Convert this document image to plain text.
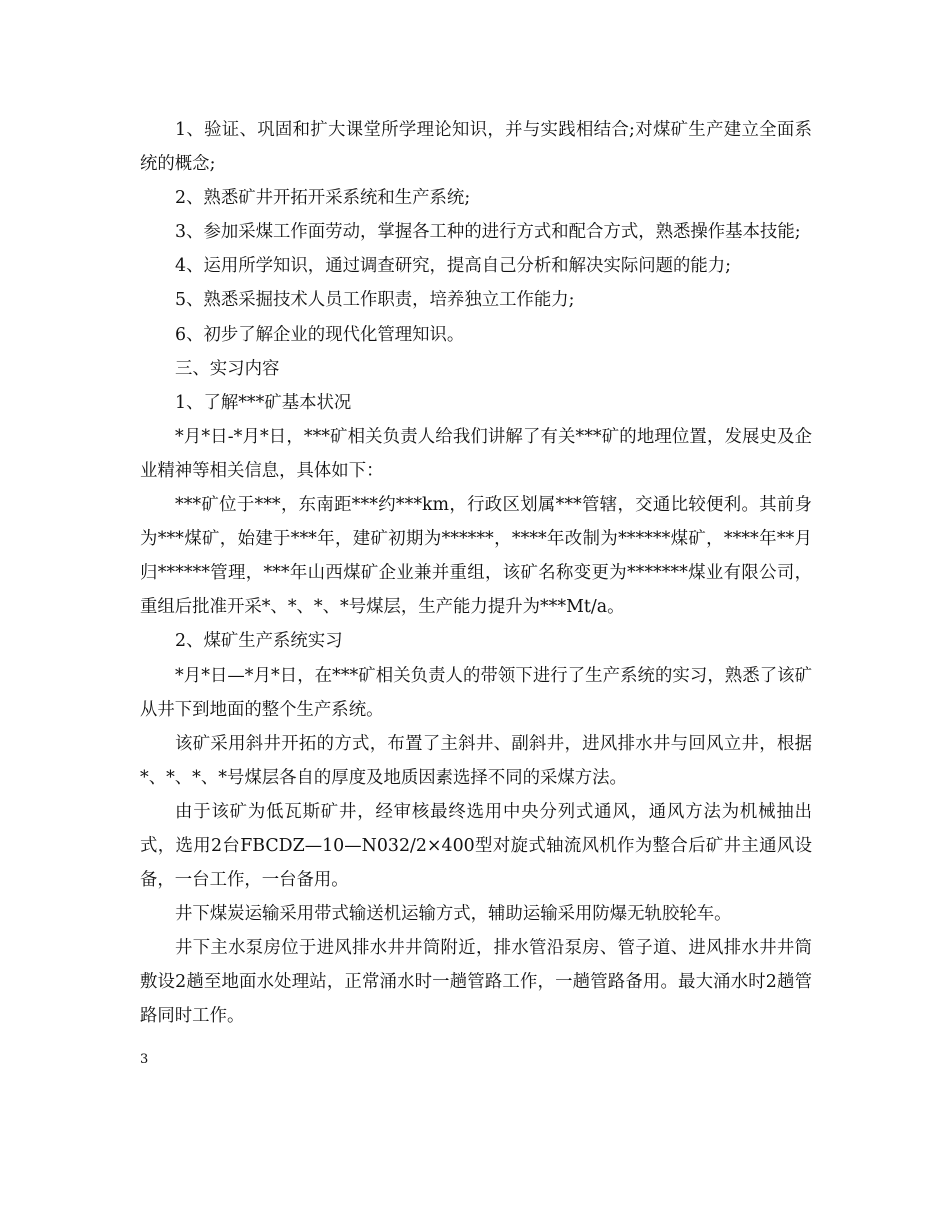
1、验证、巩固和扩大课堂所学理论知识，并与实践相结合;对煤矿生产建立全面系统的概念;

2、熟悉矿井开拓开采系统和生产系统;

3、参加采煤工作面劳动，掌握各工种的进行方式和配合方式，熟悉操作基本技能;

4、运用所学知识，通过调查研究，提高自己分析和解决实际问题的能力;

5、熟悉采掘技术人员工作职责，培养独立工作能力;

6、初步了解企业的现代化管理知识。

三、实习内容

1、了解***矿基本状况

*月*日-*月*日，***矿相关负责人给我们讲解了有关***矿的地理位置，发展史及企业精神等相关信息，具体如下：

***矿位于***，东南距***约***km，行政区划属***管辖，交通比较便利。其前身为***煤矿，始建于***年，建矿初期为******，****年改制为******煤矿，****年**月归******管理，***年山西煤矿企业兼并重组，该矿名称变更为*******煤业有限公司，重组后批准开采*、*、*、*号煤层，生产能力提升为***Mt/a。

2、煤矿生产系统实习

*月*日—*月*日，在***矿相关负责人的带领下进行了生产系统的实习，熟悉了该矿从井下到地面的整个生产系统。

该矿采用斜井开拓的方式，布置了主斜井、副斜井，进风排水井与回风立井，根据*、*、*、*号煤层各自的厚度及地质因素选择不同的采煤方法。

由于该矿为低瓦斯矿井，经审核最终选用中央分列式通风，通风方法为机械抽出式，选用2台FBCDZ—10—N032/2×400型对旋式轴流风机作为整合后矿井主通风设备，一台工作，一台备用。

井下煤炭运输采用带式输送机运输方式，辅助运输采用防爆无轨胶轮车。

井下主水泵房位于进风排水井井筒附近，排水管沿泵房、管子道、进风排水井井筒敷设2趟至地面水处理站，正常涌水时一趟管路工作，一趟管路备用。最大涌水时2趟管路同时工作。

3
